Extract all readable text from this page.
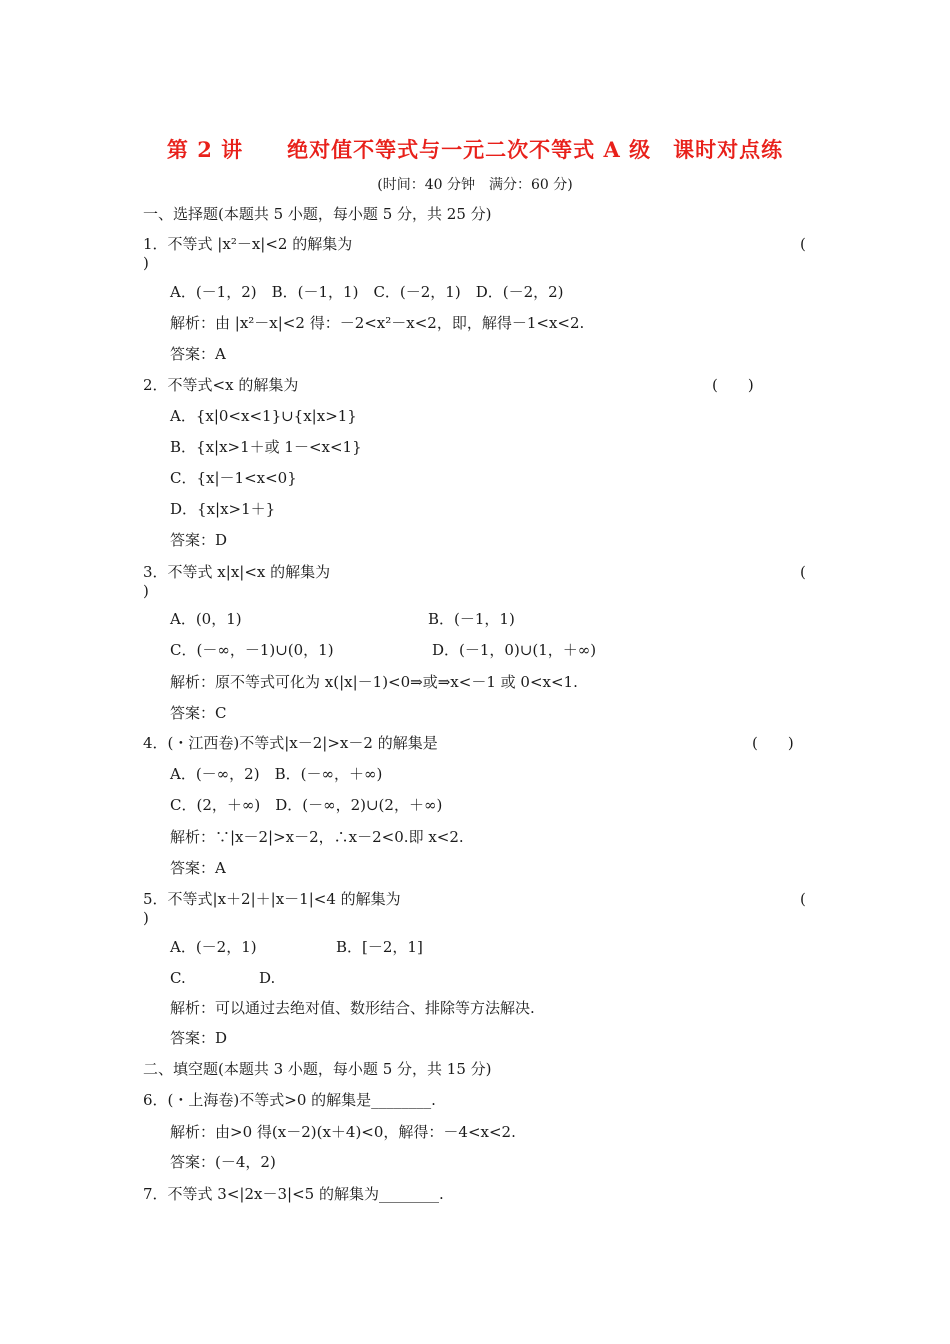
第 2 讲　　绝对值不等式与一元二次不等式 A 级　课时对点练
(时间：40 分钟　满分：60 分)
一、选择题(本题共 5 小题，每小题 5 分，共 25 分)
1．不等式 |x²－x|<2 的解集为	(
)
A．(－1，2)　B．(－1，1)　C．(－2，1)　D．(－2，2)
解析：由 |x²－x|<2 得：－2<x²－x<2，即，解得－1<x<2.
答案：A
2．不等式<x 的解集为	(　　)
A．{x|0<x<1}∪{x|x>1}
B．{x|x>1＋或 1－<x<1}
C．{x|－1<x<0}
D．{x|x>1＋}
答案：D
3．不等式 x|x|<x 的解集为	(
)
A．(0，1)	B．(－1，1)
C．(－∞，－1)∪(0，1)	D．(－1，0)∪(1，＋∞)
解析：原不等式可化为 x(|x|－1)<0⇒或⇒x<－1 或 0<x<1.
答案：C
4．(・江西卷)不等式|x－2|>x－2 的解集是	(　　)
A．(－∞，2)　B．(－∞，＋∞)
C．(2，＋∞)　D．(－∞，2)∪(2，＋∞)
解析：∵|x－2|>x－2，∴x－2<0.即 x<2.
答案：A
5．不等式|x＋2|＋|x－1|<4 的解集为	(
)
A．(－2，1)	B．[－2，1]
C.	D.
解析：可以通过去绝对值、数形结合、排除等方法解决.
答案：D
二、填空题(本题共 3 小题，每小题 5 分，共 15 分)
6．(・上海卷)不等式>0 的解集是________.
解析：由>0 得(x－2)(x＋4)<0，解得：－4<x<2.
答案：(－4，2)
7．不等式 3<|2x－3|<5 的解集为________.
